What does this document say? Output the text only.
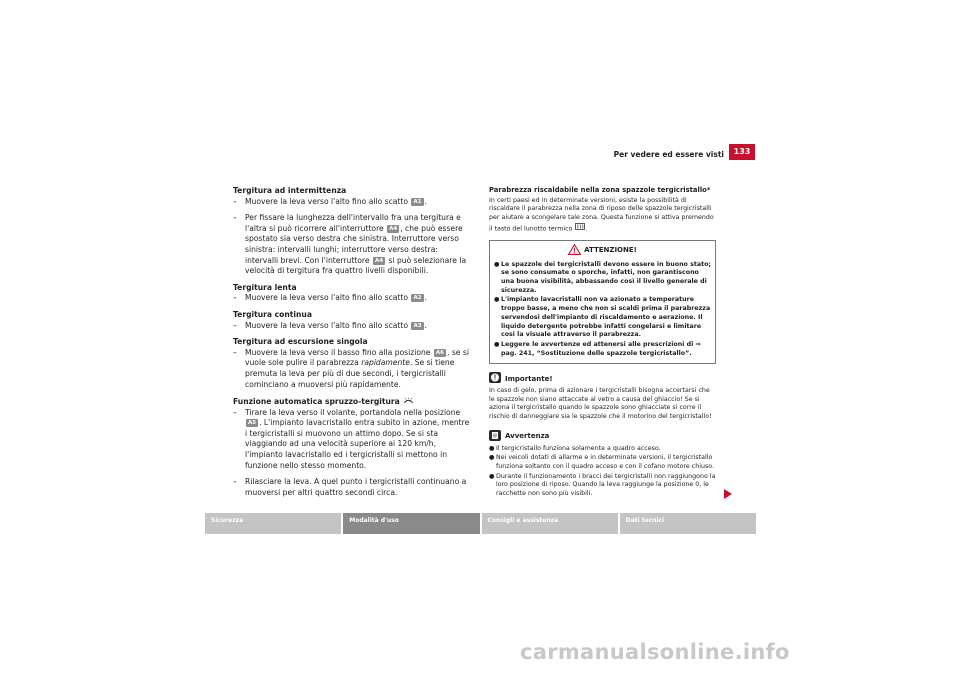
Per vedere ed essere visti	133

Tergitura ad intermittenza

–	Muovere la leva verso l'alto fino allo scatto A1 .
–	Per fissare la lunghezza dell'intervallo fra una tergitura e l'altra si può ricorrere all'interruttore A4 , che può essere spostato sia verso destra che sinistra. Interruttore verso sinistra: intervalli lunghi; interruttore verso destra: intervalli brevi. Con l'interruttore A4 si può selezionare la velocità di tergitura fra quattro livelli disponibili.

Tergitura lenta

–	Muovere la leva verso l'alto fino allo scatto A2 .

Tergitura continua

–	Muovere la leva verso l'alto fino allo scatto A3 .

Tergitura ad escursione singola

–	Muovere la leva verso il basso fino alla posizione A6 , se si vuole sole pulire il parabrezza rapidamente. Se si tiene premuta la leva per più di due secondi, i tergicristalli cominciano a muoversi più rapidamente.

Funzione automatica spruzzo-tergitura

–	Tirare la leva verso il volante, portandola nella posizione A5 . L'impianto lavacristallo entra subito in azione, mentre i tergicristalli si muovono un attimo dopo. Se si sta viaggiando ad una velocità superiore ai 120 km/h, l'impianto lavacristallo ed i tergicristalli si mettono in funzione nello stesso momento.
–	Rilasciare la leva. A quel punto i tergicristalli continuano a muoversi per altri quattro secondi circa.

Parabrezza riscaldabile nella zona spazzole tergicristallo*

In certi paesi ed in determinate versioni, esiste la possibilità di riscaldare il parabrezza nella zona di riposo delle spazzole tergicristalli per aiutare a scongelare tale zona. Questa funzione si attiva premendo il tasto del lunotto termico .

ATTENZIONE!
● Le spazzole dei tergicristalli devono essere in buono stato; se sono consumate o sporche, infatti, non garantiscono una buona visibilità, abbassando così il livello generale di sicurezza.
● L'impianto lavacristalli non va azionato a temperature troppo basse, a meno che non si scaldi prima il parabrezza servendosi dell'impianto di riscaldamento e aerazione. Il liquido detergente potrebbe infatti congelarsi e limitare così la visuale attraverso il parabrezza.
● Leggere le avvertenze ed attenersi alle prescrizioni di ⇒ pag. 241, “Sostituzione delle spazzole tergicristallo”.
Importante!

In caso di gelo, prima di azionare i tergicristalli bisogna accertarsi che le spazzole non siano attaccate al vetro a causa del ghiaccio! Se si aziona il tergicristallo quando le spazzole sono ghiacciate si corre il rischio di danneggiare sia le spazzole che il motorino del tergicristallo!

Avvertenza
● Il tergicristallo funziona solamente a quadro acceso.
● Nei veicoli dotati di allarme e in determinate versioni, il tergicristallo funziona soltanto con il quadro acceso e con il cofano motore chiuso.
● Durante il funzionamento i bracci dei tergicristalli non raggiungono la loro posizione di riposo. Quando la leva raggiunge la posizione 0, le racchette non sono più visibili.
Sicurezza	Modalità d'uso	Consigli e assistenza	Dati tecnici
carmanualsonline.info
